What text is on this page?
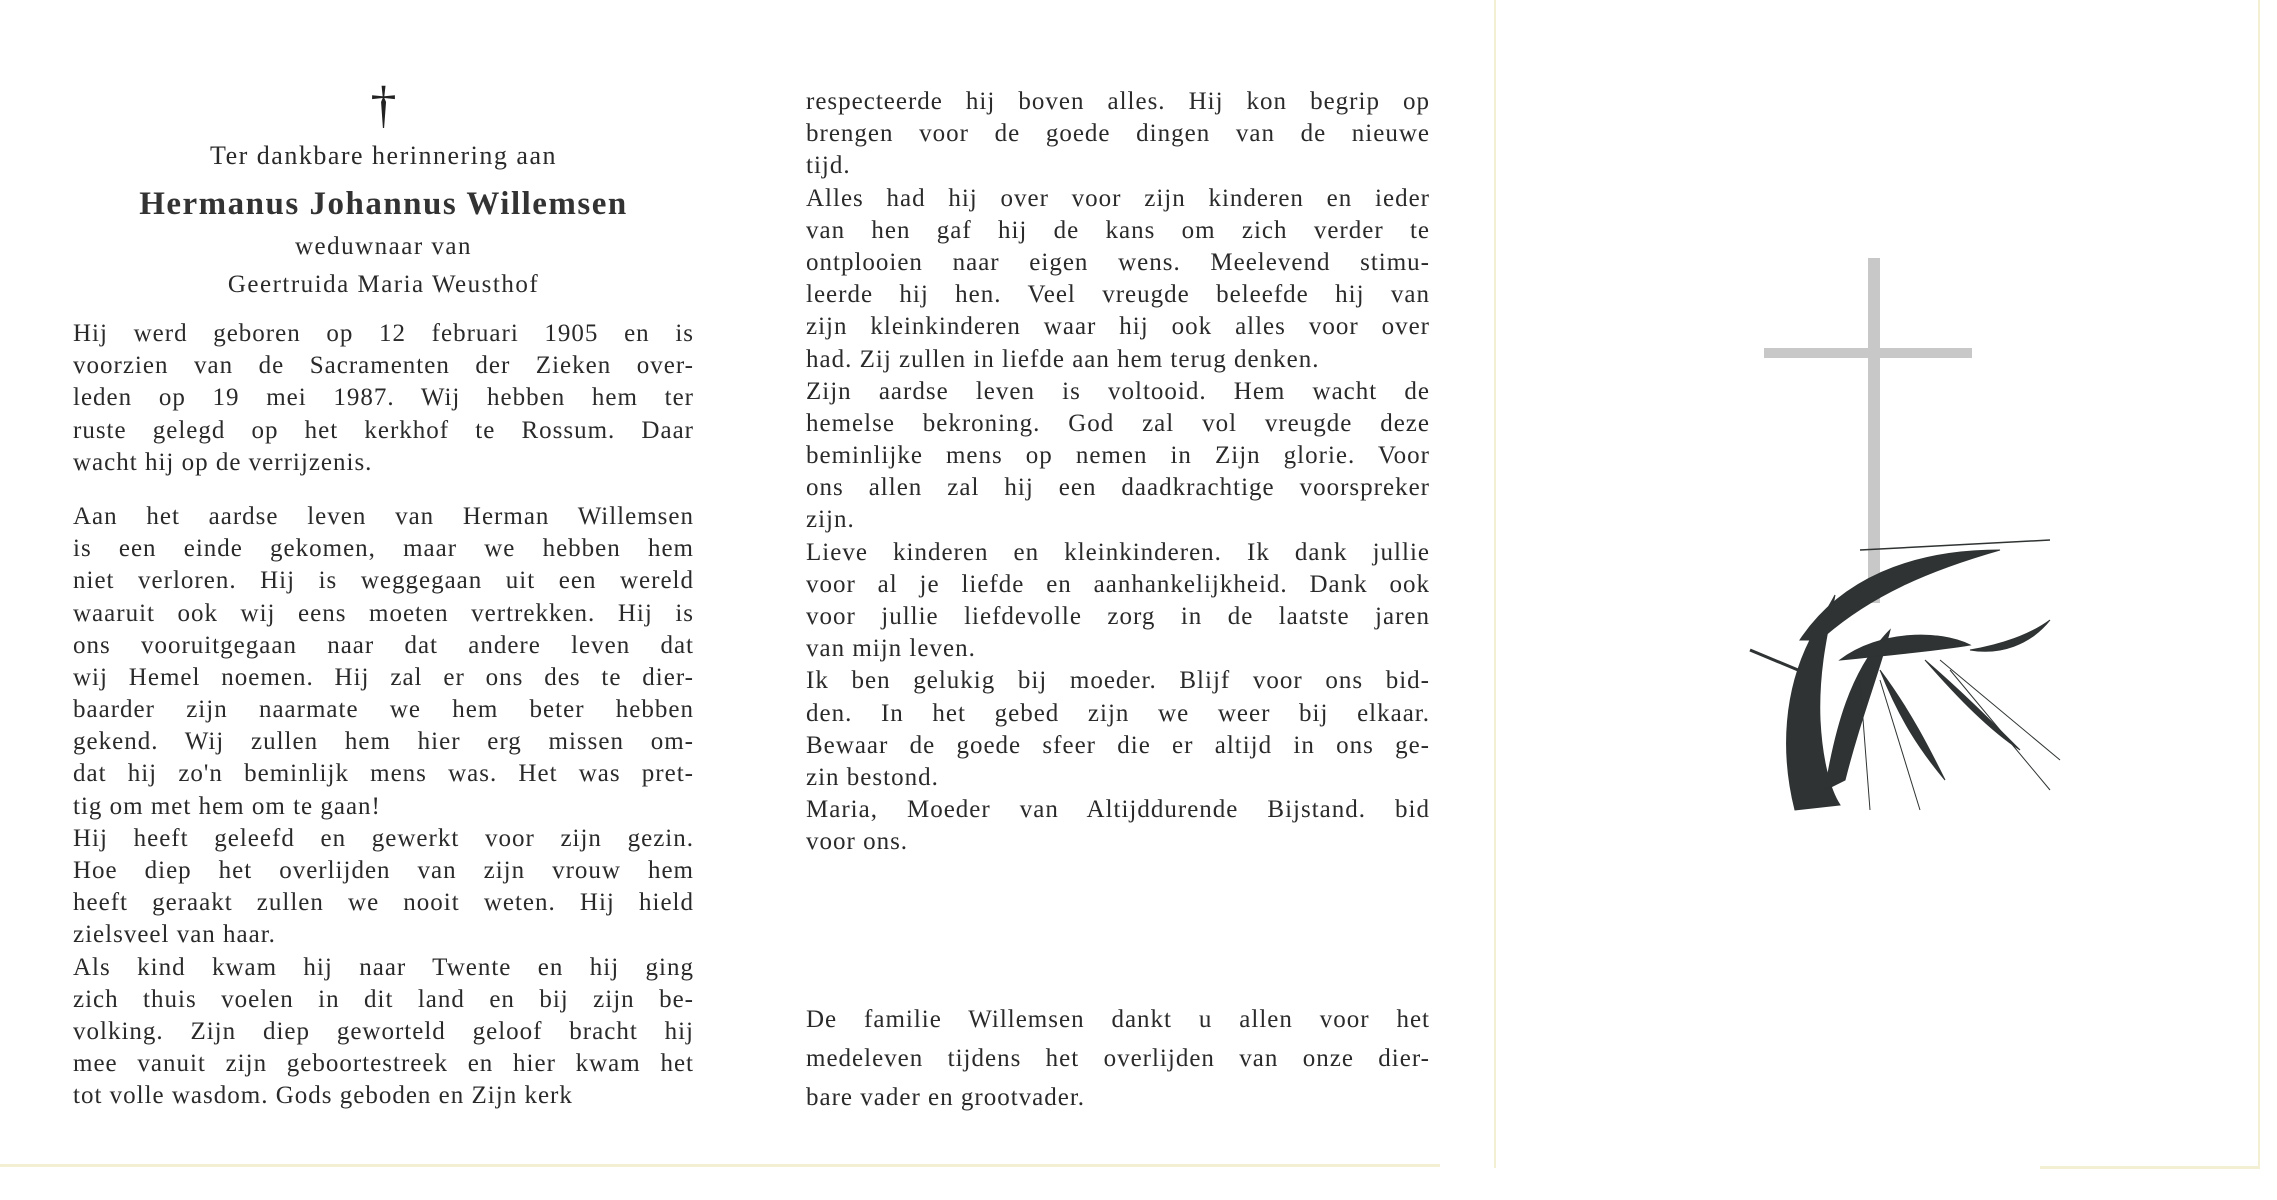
†
Ter dankbare herinnering aan
Hermanus Johannus Willemsen
weduwnaar van
Geertruida Maria Weusthof
Hij werd geboren op 12 februari 1905 en is
voorzien van de Sacramenten der Zieken over-
leden op 19 mei 1987. Wij hebben hem ter
ruste gelegd op het kerkhof te Rossum. Daar
wacht hij op de verrijzenis.
Aan het aardse leven van Herman Willemsen
is een einde gekomen, maar we hebben hem
niet verloren. Hij is weggegaan uit een wereld
waaruit ook wij eens moeten vertrekken. Hij is
ons vooruitgegaan naar dat andere leven dat
wij Hemel noemen. Hij zal er ons des te dier-
baarder zijn naarmate we hem beter hebben
gekend. Wij zullen hem hier erg missen om-
dat hij zo'n beminlijk mens was. Het was pret-
tig om met hem om te gaan!
Hij heeft geleefd en gewerkt voor zijn gezin.
Hoe diep het overlijden van zijn vrouw hem
heeft geraakt zullen we nooit weten. Hij hield
zielsveel van haar.
Als kind kwam hij naar Twente en hij ging
zich thuis voelen in dit land en bij zijn be-
volking. Zijn diep geworteld geloof bracht hij
mee vanuit zijn geboortestreek en hier kwam het
tot volle wasdom. Gods geboden en Zijn kerk
respecteerde hij boven alles. Hij kon begrip op
brengen voor de goede dingen van de nieuwe
tijd.
Alles had hij over voor zijn kinderen en ieder
van hen gaf hij de kans om zich verder te
ontplooien naar eigen wens. Meelevend stimu-
leerde hij hen. Veel vreugde beleefde hij van
zijn kleinkinderen waar hij ook alles voor over
had. Zij zullen in liefde aan hem terug denken.
Zijn aardse leven is voltooid. Hem wacht de
hemelse bekroning. God zal vol vreugde deze
beminlijke mens op nemen in Zijn glorie. Voor
ons allen zal hij een daadkrachtige voorspreker
zijn.
Lieve kinderen en kleinkinderen. Ik dank jullie
voor al je liefde en aanhankelijkheid. Dank ook
voor jullie liefdevolle zorg in de laatste jaren
van mijn leven.
Ik ben gelukig bij moeder. Blijf voor ons bid-
den. In het gebed zijn we weer bij elkaar.
Bewaar de goede sfeer die er altijd in ons ge-
zin bestond.
Maria, Moeder van Altijddurende Bijstand. bid
voor ons.
De familie Willemsen dankt u allen voor het
medeleven tijdens het overlijden van onze dier-
bare vader en grootvader.
